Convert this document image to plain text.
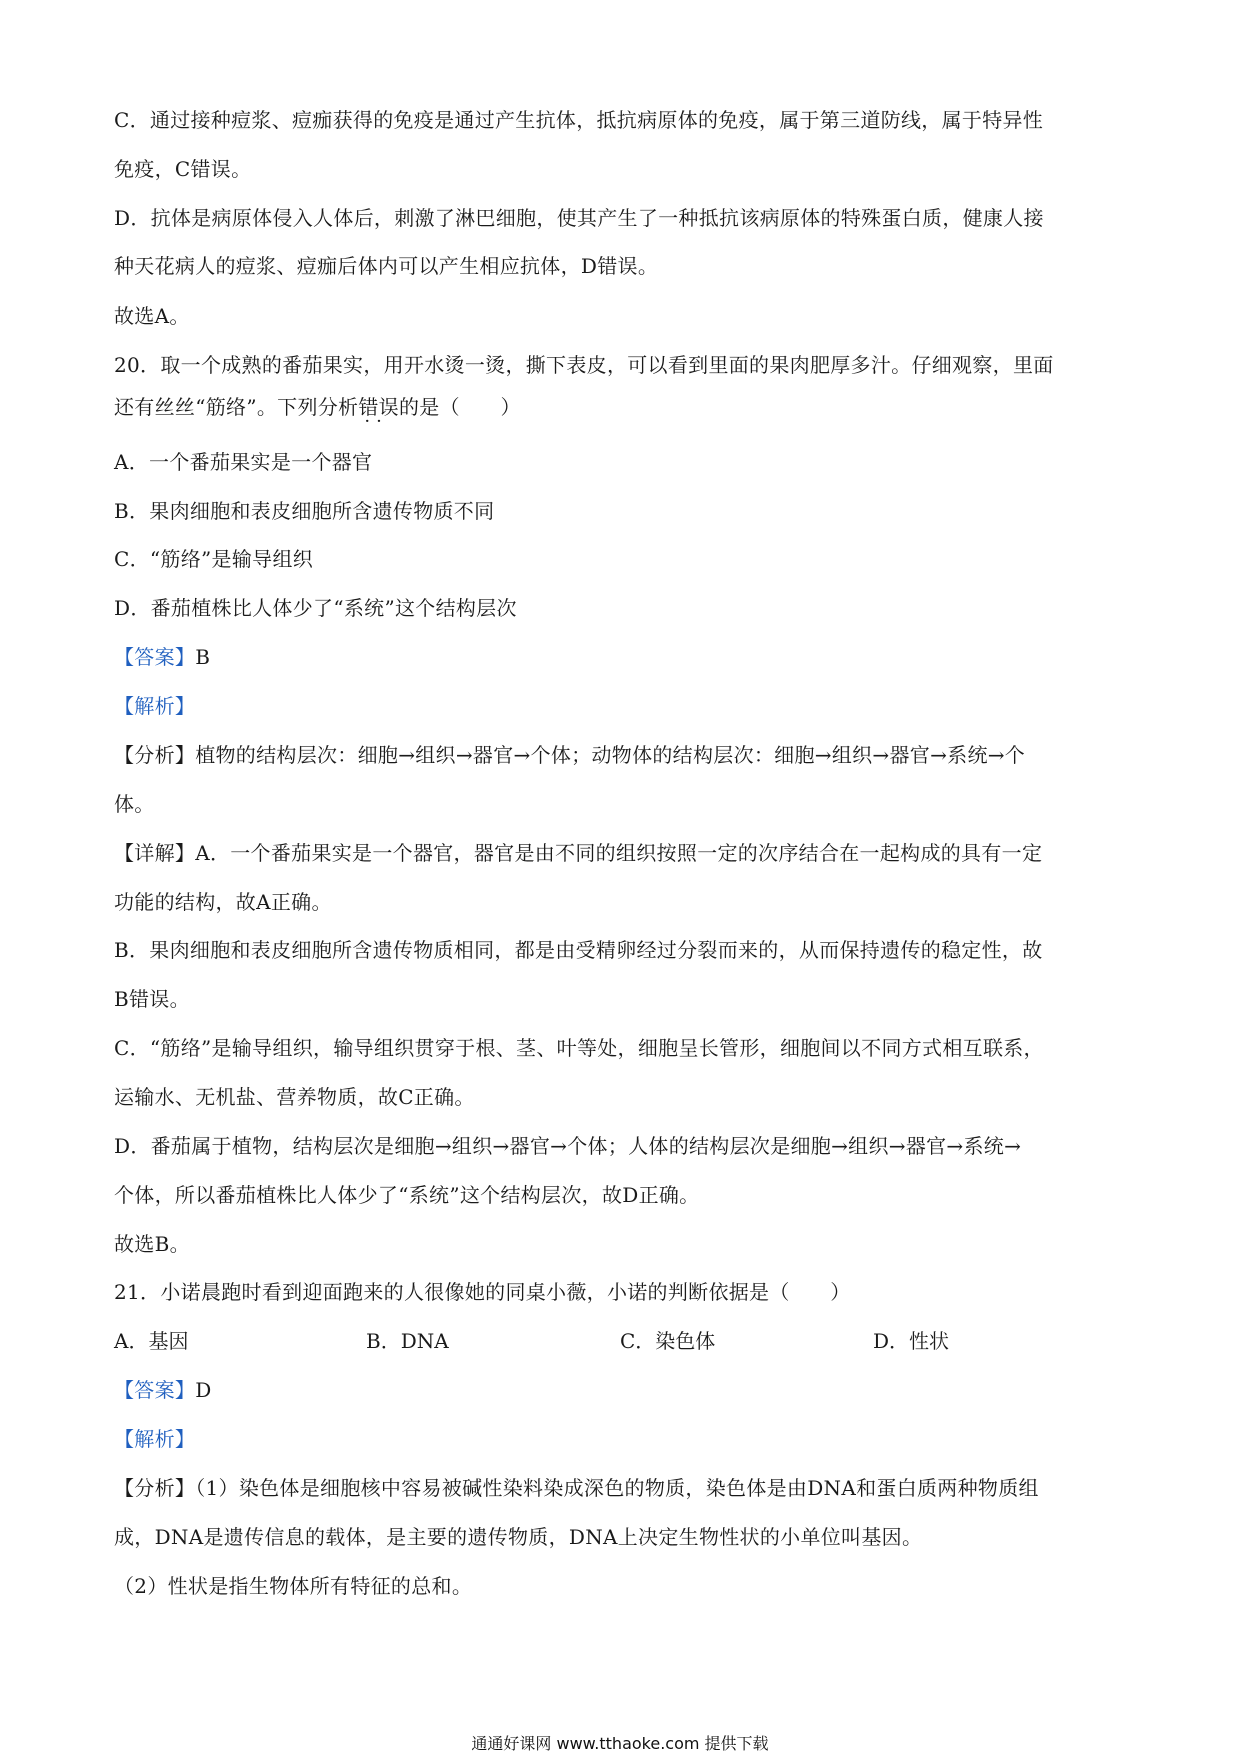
C．通过接种痘浆、痘痂获得的免疫是通过产生抗体，抵抗病原体的免疫，属于第三道防线，属于特异性
免疫，C错误。
D．抗体是病原体侵入人体后，刺激了淋巴细胞，使其产生了一种抵抗该病原体的特殊蛋白质，健康人接
种天花病人的痘浆、痘痂后体内可以产生相应抗体，D错误。
故选A。
20．取一个成熟的番茄果实，用开水烫一烫，撕下表皮，可以看到里面的果肉肥厚多汁。仔细观察，里面
还有丝丝“筋络”。下列分析错误 ··的是（　　）
A．一个番茄果实是一个器官
B．果肉细胞和表皮细胞所含遗传物质不同
C．“筋络”是输导组织
D．番茄植株比人体少了“系统”这个结构层次
【答案】B
【解析】
【分析】植物的结构层次：细胞→组织→器官→个体；动物体的结构层次：细胞→组织→器官→系统→个
体。
【详解】A．一个番茄果实是一个器官，器官是由不同的组织按照一定的次序结合在一起构成的具有一定
功能的结构，故A正确。
B．果肉细胞和表皮细胞所含遗传物质相同，都是由受精卵经过分裂而来的，从而保持遗传的稳定性，故
B错误。
C．“筋络”是输导组织，输导组织贯穿于根、茎、叶等处，细胞呈长管形，细胞间以不同方式相互联系，
运输水、无机盐、营养物质，故C正确。
D．番茄属于植物，结构层次是细胞→组织→器官→个体；人体的结构层次是细胞→组织→器官→系统→
个体，所以番茄植株比人体少了“系统”这个结构层次，故D正确。
故选B。
21．小诺晨跑时看到迎面跑来的人很像她的同桌小薇，小诺的判断依据是（　　）
A．基因	B．DNA	C．染色体	D．性状
【答案】D
【解析】
【分析】（1）染色体是细胞核中容易被碱性染料染成深色的物质，染色体是由DNA和蛋白质两种物质组
成，DNA是遗传信息的载体，是主要的遗传物质，DNA上决定生物性状的小单位叫基因。
（2）性状是指生物体所有特征的总和。
通通好课网 www.tthaoke.com 提供下载
